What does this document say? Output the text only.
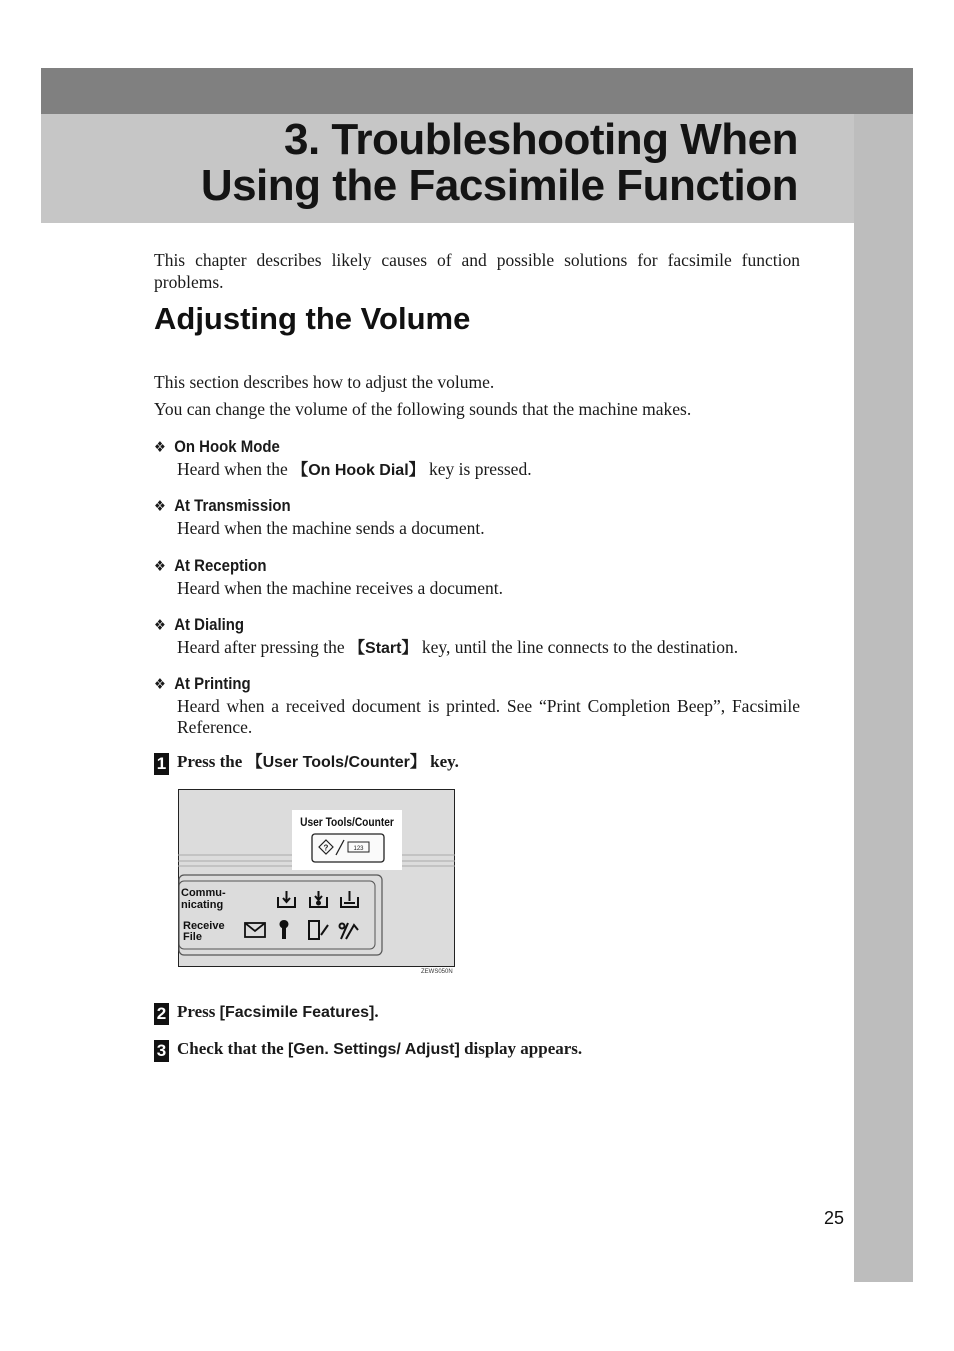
3. Troubleshooting When
Using the Facsimile Function

This chapter describes likely causes of and possible solutions for facsimile function problems.

Adjusting the Volume

This section describes how to adjust the volume.

You can change the volume of the following sounds that the machine makes.

❖ On Hook Mode
Heard when the 【On Hook Dial】 key is pressed.
❖ At Transmission
Heard when the machine sends a document.
❖ At Reception
Heard when the machine receives a document.
❖ At Dialing
Heard after pressing the 【Start】 key, until the line connects to the destination.
❖ At Printing
Heard when a received document is printed. See “Print Completion Beep”, Facsimile Reference.
1 Press the 【User Tools/Counter】 key.
User Tools/Counter
?	123
Commu-
nicating
Receive
File
ZEWS050N
2 Press [Facsimile Features].
3 Check that the [Gen. Settings/ Adjust] display appears.
25
